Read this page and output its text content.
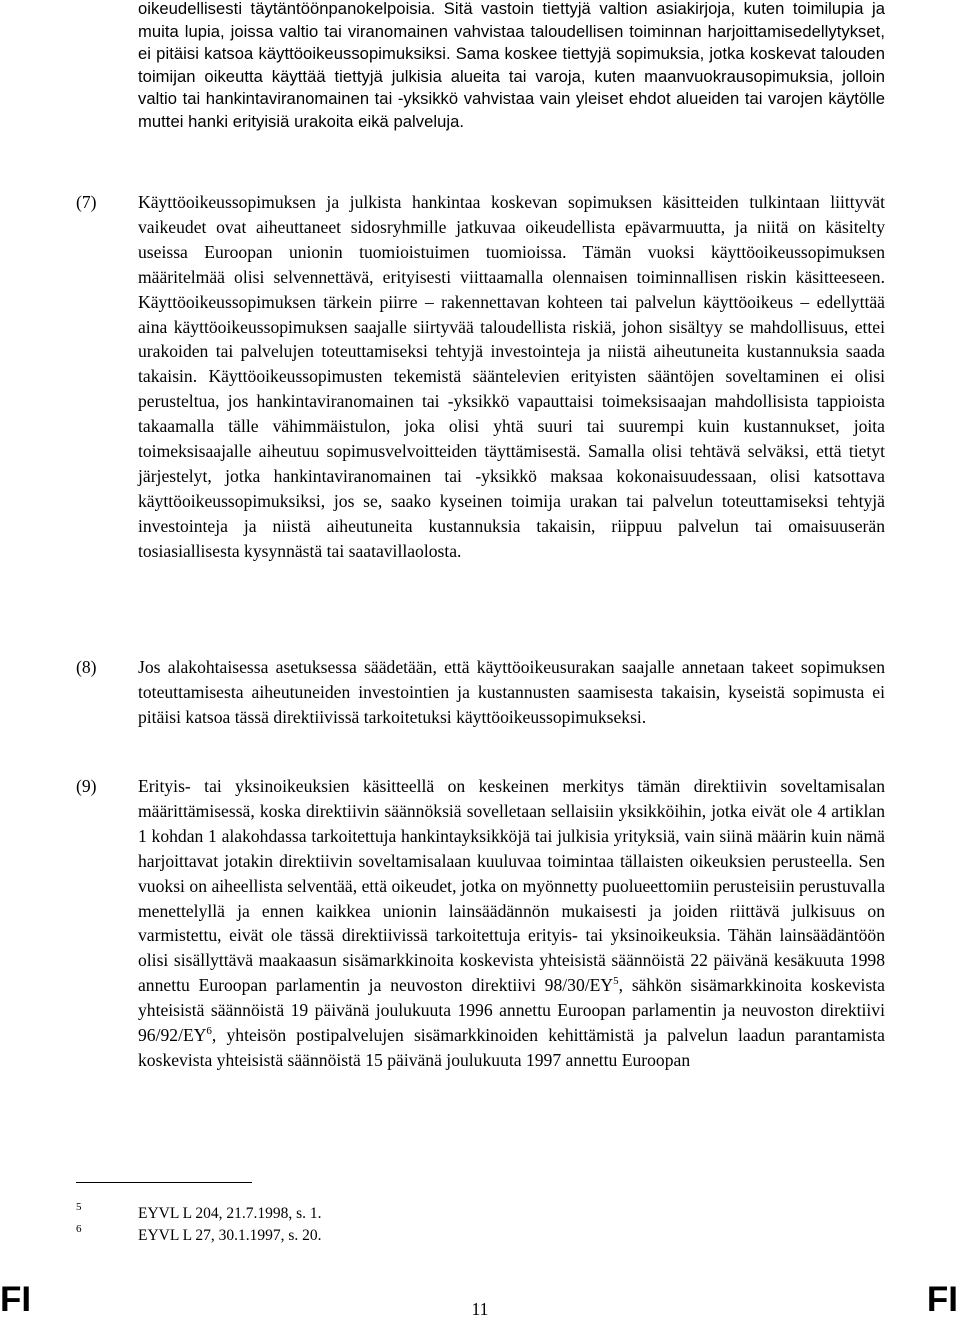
oikeudellisesti täytäntöönpanokelpoisia. Sitä vastoin tiettyjä valtion asiakirjoja, kuten toimilupia ja muita lupia, joissa valtio tai viranomainen vahvistaa taloudellisen toiminnan harjoittamisedellytykset, ei pitäisi katsoa käyttöoikeussopimuksiksi. Sama koskee tiettyjä sopimuksia, jotka koskevat talouden toimijan oikeutta käyttää tiettyjä julkisia alueita tai varoja, kuten maanvuokrausopimuksia, jolloin valtio tai hankintaviranomainen tai -yksikkö vahvistaa vain yleiset ehdot alueiden tai varojen käytölle muttei hanki erityisiä urakoita eikä palveluja.

(7) Käyttöoikeussopimuksen ja julkista hankintaa koskevan sopimuksen käsitteiden tulkintaan liittyvät vaikeudet ovat aiheuttaneet sidosryhmille jatkuvaa oikeudellista epävarmuutta, ja niitä on käsitelty useissa Euroopan unionin tuomioistuimen tuomioissa. Tämän vuoksi käyttöoikeussopimuksen määritelmää olisi selvennettävä, erityisesti viittaamalla olennaisen toiminnallisen riskin käsitteeseen. Käyttöoikeussopimuksen tärkein piirre – rakennettavan kohteen tai palvelun käyttöoikeus – edellyttää aina käyttöoikeussopimuksen saajalle siirtyvää taloudellista riskiä, johon sisältyy se mahdollisuus, ettei urakoiden tai palvelujen toteuttamiseksi tehtyjä investointeja ja niistä aiheutuneita kustannuksia saada takaisin. Käyttöoikeussopimusten tekemistä sääntelevien erityisten sääntöjen soveltaminen ei olisi perusteltua, jos hankintaviranomainen tai -yksikkö vapauttaisi toimeksisaajan mahdollisista tappioista takaamalla tälle vähimmäistulon, joka olisi yhtä suuri tai suurempi kuin kustannukset, joita toimeksisaajalle aiheutuu sopimusvelvoitteiden täyttämisestä. Samalla olisi tehtävä selväksi, että tietyt järjestelyt, jotka hankintaviranomainen tai -yksikkö maksaa kokonaisuudessaan, olisi katsottava käyttöoikeussopimuksiksi, jos se, saako kyseinen toimija urakan tai palvelun toteuttamiseksi tehtyjä investointeja ja niistä aiheutuneita kustannuksia takaisin, riippuu palvelun tai omaisuuserän tosiasiallisesta kysynnästä tai saatavillaolosta.

(8) Jos alakohtaisessa asetuksessa säädetään, että käyttöoikeusurakan saajalle annetaan takeet sopimuksen toteuttamisesta aiheutuneiden investointien ja kustannusten saamisesta takaisin, kyseistä sopimusta ei pitäisi katsoa tässä direktiivissä tarkoitetuksi käyttöoikeussopimukseksi.

(9) Erityis- tai yksinoikeuksien käsitteellä on keskeinen merkitys tämän direktiivin soveltamisalan määrittämisessä, koska direktiivin säännöksiä sovelletaan sellaisiin yksikköihin, jotka eivät ole 4 artiklan 1 kohdan 1 alakohdassa tarkoitettuja hankintayksikköjä tai julkisia yrityksiä, vain siinä määrin kuin nämä harjoittavat jotakin direktiivin soveltamisalaan kuuluvaa toimintaa tällaisten oikeuksien perusteella. Sen vuoksi on aiheellista selventää, että oikeudet, jotka on myönnetty puolueettomiin perusteisiin perustuvalla menettelyllä ja ennen kaikkea unionin lainsäädännön mukaisesti ja joiden riittävä julkisuus on varmistettu, eivät ole tässä direktiivissä tarkoitettuja erityis- tai yksinoikeuksia. Tähän lainsäädäntöön olisi sisällyttävä maakaasun sisämarkkinoita koskevista yhteisistä säännöistä 22 päivänä kesäkuuta 1998 annettu Euroopan parlamentin ja neuvoston direktiivi $98/30/EY^5$, sähkön sisämarkkinoita koskevista yhteisistä säännöistä 19 päivänä joulukuuta 1996 annettu Euroopan parlamentin ja neuvoston direktiivi $96/92/EY^6$, yhteisön postipalvelujen sisämarkkinoiden kehittämistä ja palvelun laadun parantamista koskevista yhteisistä säännöistä 15 päivänä joulukuuta 1997 annettu Euroopan

5	EYVL L 204, 21.7.1998, s. 1.
6	EYVL L 27, 30.1.1997, s. 20.
FI	11	FI
